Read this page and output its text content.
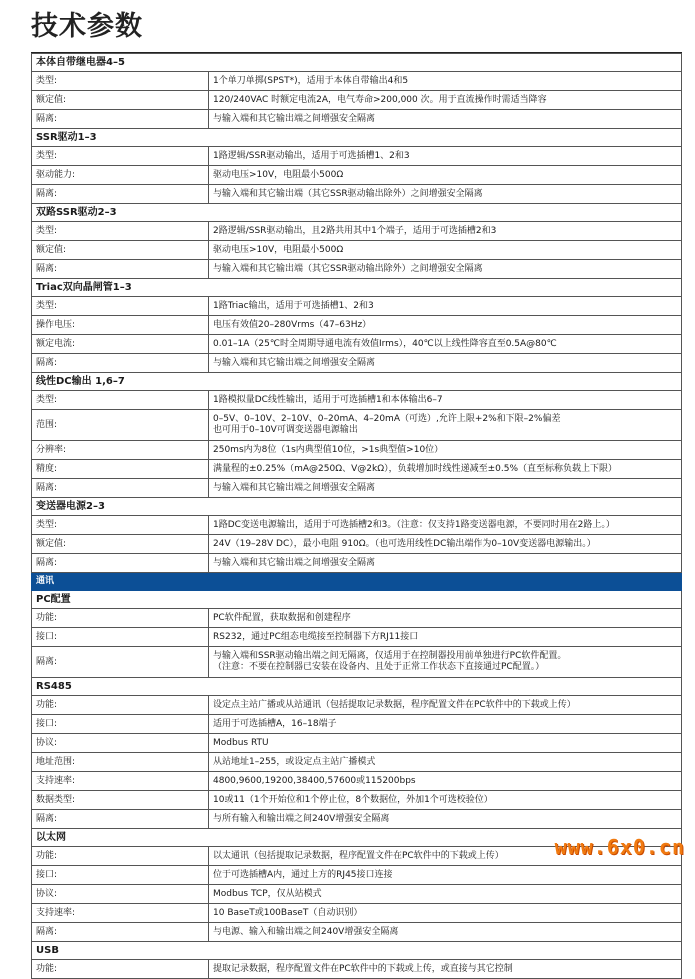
技术参数
本体自带继电器4–5	
类型:	1个单刀单掷(SPST*)，适用于本体自带输出4和5
额定值:	120/240VAC 时额定电流2A，电气寿命>200,000 次。用于直流操作时需适当降容
隔离:	与输入端和其它输出端之间增强安全隔离
SSR驱动1–3	
类型:	1路逻辑/SSR驱动输出，适用于可选插槽1、2和3
驱动能力:	驱动电压>10V，电阻最小500Ω
隔离:	与输入端和其它输出端（其它SSR驱动输出除外）之间增强安全隔离
双路SSR驱动2–3	
类型:	2路逻辑/SSR驱动输出，且2路共用其中1个端子，适用于可选插槽2和3
额定值:	驱动电压>10V，电阻最小500Ω
隔离:	与输入端和其它输出端（其它SSR驱动输出除外）之间增强安全隔离
Triac双向晶闸管1–3	
类型:	1路Triac输出，适用于可选插槽1、2和3
操作电压:	电压有效值20–280Vrms（47–63Hz）
额定电流:	0.01–1A（25℃时全周期导通电流有效值Irms），40℃以上线性降容直至0.5A@80℃
隔离:	与输入端和其它输出端之间增强安全隔离
线性DC输出 1,6–7	
类型:	1路模拟量DC线性输出，适用于可选插槽1和本体输出6–7
范围:	0–5V、0–10V、2–10V、0–20mA、4–20mA（可选）,允许上限+2%和下限–2%偏差
也可用于0–10V可调变送器电源输出

分辨率:	250ms内为8位（1s内典型值10位，>1s典型值>10位）
精度:	满量程的±0.25%（mA@250Ω、V@2kΩ），负载增加时线性递减至±0.5%（直至标称负载上下限）
隔离:	与输入端和其它输出端之间增强安全隔离
变送器电源2–3	
类型:	1路DC变送电源输出，适用于可选插槽2和3。（注意：仅支持1路变送器电源，不要同时用在2路上。）
额定值:	24V（19–28V DC），最小电阻 910Ω。（也可选用线性DC输出端作为0–10V变送器电源输出。）
隔离:	与输入端和其它输出端之间增强安全隔离
通讯	
PC配置	
功能:	PC软件配置，获取数据和创建程序
接口:	RS232，通过PC组态电缆接至控制器下方RJ11接口
隔离:	与输入端和SSR驱动输出端之间无隔离，仅适用于在控制器投用前单独进行PC软件配置。
（注意：不要在控制器已安装在设备内、且处于正常工作状态下直接通过PC配置。）

RS485	
功能:	设定点主站广播或从站通讯（包括提取记录数据，程序配置文件在PC软件中的下载或上传）
接口:	适用于可选插槽A，16–18端子
协议:	Modbus RTU
地址范围:	从站地址1–255，或设定点主站广播模式
支持速率:	4800,9600,19200,38400,57600或115200bps
数据类型:	10或11（1个开始位和1个停止位，8个数据位，外加1个可选校验位）
隔离:	与所有输入和输出端之间240V增强安全隔离
以太网	
功能:	以太通讯（包括提取记录数据，程序配置文件在PC软件中的下载或上传）
接口:	位于可选插槽A内，通过上方的RJ45接口连接
协议:	Modbus TCP，仅从站模式
支持速率:	10 BaseT或100BaseT（自动识别）
隔离:	与电源、输入和输出端之间240V增强安全隔离
USB	
功能:	提取记录数据，程序配置文件在PC软件中的下载或上传，或直接与其它控制
www.6x0.cn
